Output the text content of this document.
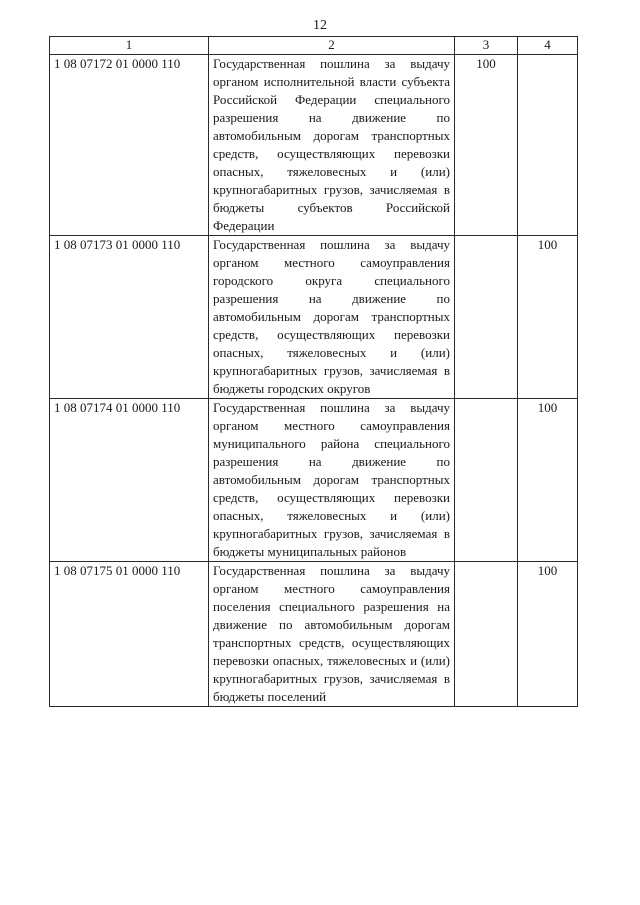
12
1	2	3	4
1 08 07172 01 0000 110	Государственная пошлина за выдачу органом исполнительной власти субъекта Российской Федерации специального разрешения на движение по автомобильным дорогам транспортных средств, осуществляющих перевозки опасных, тяжеловесных и (или) крупногабаритных грузов, зачисляемая в бюджеты субъектов Российской Федерации	100	

1 08 07173 01 0000 110	Государственная пошлина за выдачу органом местного самоуправления городского округа специального разрешения на движение по автомобильным дорогам транспортных средств, осуществляющих перевозки опасных, тяжеловесных и (или) крупногабаритных грузов, зачисляемая в бюджеты городских округов		100

1 08 07174 01 0000 110	Государственная пошлина за выдачу органом местного самоуправления муниципального района специального разрешения на движение по автомобильным дорогам транспортных средств, осуществляющих перевозки опасных, тяжеловесных и (или) крупногабаритных грузов, зачисляемая в бюджеты муниципальных районов		100

1 08 07175 01 0000 110	Государственная пошлина за выдачу органом местного самоуправления поселения специального разрешения на движение по автомобильным дорогам транспортных средств, осуществляющих перевозки опасных, тяжеловесных и (или) крупногабаритных грузов, зачисляемая в бюджеты поселений		100
